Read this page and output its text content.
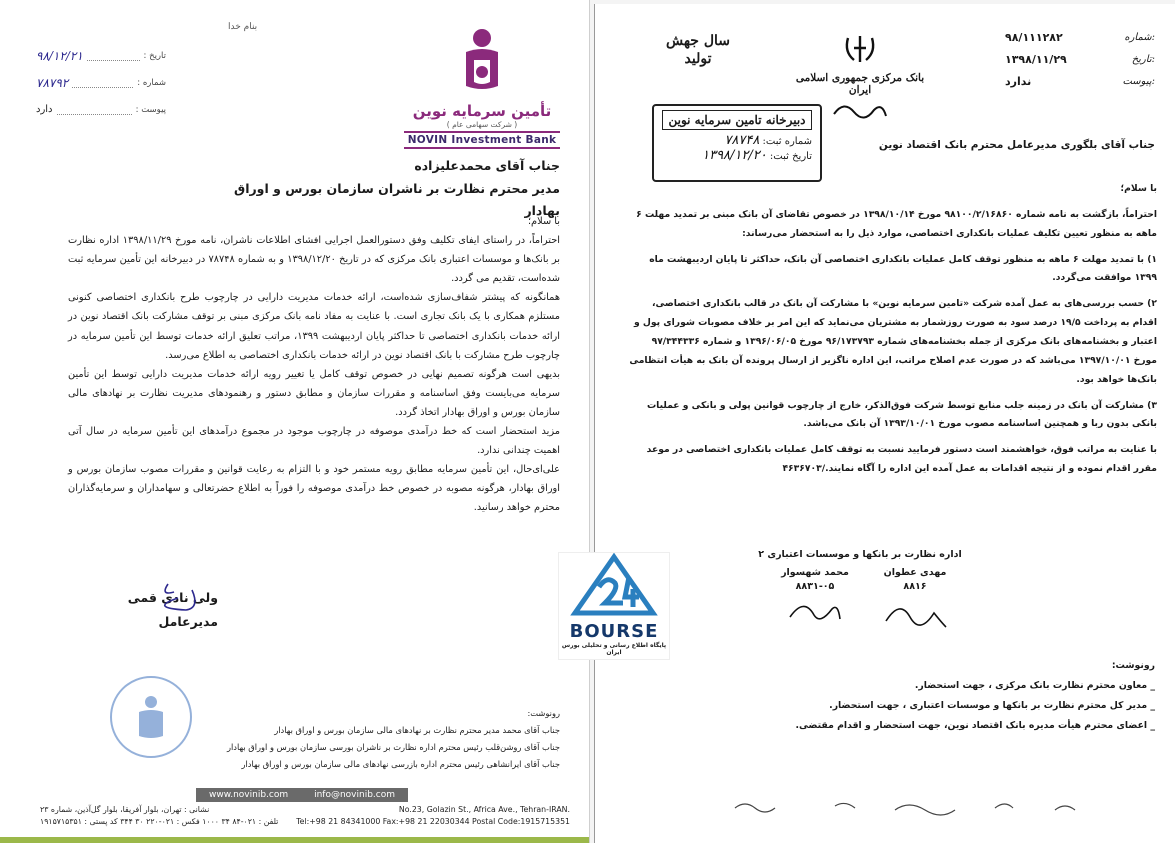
بنام خدا
۹۸/۱۲/۲۱	تاریخ :
۷۸۷۹۲	شماره :
دارد	پیوست :	تأمین سرمایه نوین
( شرکت سهامی عام )
NOVIN Investment Bank
جناب آقای محمدعلیزاده
مدیر محترم نظارت بر ناشران سازمان بورس و اوراق بهادار

با سلام؛

احتراماً، در راستای ایفای تکلیف وفق دستورالعمل اجرایی افشای اطلاعات ناشران، نامه مورخ ۱۳۹۸/۱۱/۲۹ اداره نظارت بر بانک‌ها و موسسات اعتباری بانک مرکزی که در تاریخ ۱۳۹۸/۱۲/۲۰ و به شماره ۷۸۷۴۸ در دبیرخانه این تأمین سرمایه ثبت شده‌است، تقدیم می گردد.

همانگونه که پیشتر شفاف‌سازی شده‌است، ارائه خدمات مدیریت دارایی در چارچوب طرح بانکداری اختصاصی کنونی مستلزم همکاری با یک بانک تجاری است. با عنایت به مفاد نامه بانک مرکزی مبنی بر توقف مشارکت بانک اقتصاد نوین در ارائه خدمات بانکداری اختصاصی تا حداکثر پایان اردیبهشت ۱۳۹۹، مراتب تعلیق ارائه خدمات توسط این تأمین سرمایه در چارچوب طرح مشارکت با بانک اقتصاد نوین در ارائه خدمات بانکداری اختصاصی به اطلاع می‌رسد.

بدیهی است هرگونه تصمیم نهایی در خصوص توقف کامل یا تغییر رویه ارائه خدمات مدیریت دارایی توسط این تأمین سرمایه می‌بایست وفق اساسنامه و مقررات سازمان و مطابق دستور و رهنمودهای مدیریت نظارت بر نهادهای مالی سازمان بورس و اوراق بهادار اتخاذ گردد.

مزید استحضار است که خط درآمدی موصوفه در چارچوب موجود در مجموع درآمدهای این تأمین سرمایه در سال آتی اهمیت چندانی ندارد.

علی‌ای‌حال، این تأمین سرمایه مطابق رویه مستمر خود و با التزام به رعایت قوانین و مقررات مصوب سازمان بورس و اوراق بهادار، هرگونه مصوبه در خصوص خط درآمدی موصوفه را فوراً به اطلاع حضرتعالی و سهامداران و سرمایه‌گذاران محترم خواهد رسانید.

ولی نادی قمی
مدیرعامل
رونوشت:
جناب آقای محمد مدیر محترم نظارت بر نهادهای مالی سازمان بورس و اوراق بهادار
جناب آقای روشن‌قلب رئیس محترم اداره نظارت بر ناشران بورسی سازمان بورس و اوراق بهادار
جناب آقای ایرانشاهی رئیس محترم اداره بازرسی نهادهای مالی سازمان بورس و اوراق بهادار
www.novinib.com	info@novinib.com
نشانی : تهران، بلوار آفریقا، بلوار گل‌آذین، شماره ۲۳	No.23, Golazin St., Africa Ave., Tehran-IRAN.
تلفن : ۰۲۱-۸۴ ۳۴ ۱۰۰۰ فکس : ۰۲۱-۲۲۰ ۳۰ ۳۴۴ کد پستی : ۱۹۱۵۷۱۵۳۵۱ Tel:+98 21 84341000 Fax:+98 21 22030344 Postal Code:1915715351
۹۸/۱۱۱۲۸۲	شماره:
۱۳۹۸/۱۱/۲۹	تاریخ:
ندارد	پیوست:
بانک مرکزی جمهوری اسلامی ایران
سال جهش تولید
دبیرخانه تامین سرمایه نوین
شماره ثبت: ۷۸۷۴۸
تاریخ ثبت: ۱۳۹۸/۱۲/۲۰
جناب آقای بلگوری مدیرعامل محترم بانک اقتصاد نوین

با سلام؛

احتراماً، بازگشت به نامه شماره ۹۸۱۰۰/۲/۱۶۸۶۰ مورخ ۱۳۹۸/۱۰/۱۴ در خصوص تقاضای آن بانک مبنی بر تمدید مهلت ۶ ماهه به منظور تعیین تکلیف عملیات بانکداری اختصاصی، موارد ذیل را به استحضار می‌رساند:

۱) با تمدید مهلت ۶ ماهه به منظور توقف کامل عملیات بانکداری اختصاصی آن بانک، حداکثر تا پایان اردیبهشت ماه ۱۳۹۹ موافقت می‌گردد.

۲) حسب بررسی‌های به عمل آمده شرکت «تامین سرمایه نوین» با مشارکت آن بانک در قالب بانکداری اختصاصی، اقدام به پرداخت ۱۹/۵ درصد سود به صورت روزشمار به مشتریان می‌نماید که این امر بر خلاف مصوبات شورای پول و اعتبار و بخشنامه‌های بانک مرکزی از جمله بخشنامه‌های شماره ۹۶/۱۷۳۷۹۳ مورخ ۱۳۹۶/۰۶/۰۵ و شماره ۹۷/۳۴۴۳۳۶ مورخ ۱۳۹۷/۱۰/۰۱ می‌باشد که در صورت عدم اصلاح مراتب، این اداره ناگزیر از ارسال پرونده آن بانک به هیأت انتظامی بانک‌ها خواهد بود.

۳) مشارکت آن بانک در زمینه جلب منابع توسط شرکت فوق‌الذکر، خارج از چارچوب قوانین پولی و بانکی و عملیات بانکی بدون ربا و همچنین اساسنامه مصوب مورخ ۱۳۹۳/۱۰/۰۱ آن بانک می‌باشد.

با عنایت به مراتب فوق، خواهشمند است دستور فرمایید نسبت به توقف کامل عملیات بانکداری اختصاصی در موعد مقرر اقدام نموده و از نتیجه اقدامات به عمل آمده این اداره را آگاه نمایند./۴۶۳۶۷۰۳

اداره نظارت بر بانکها و موسسات اعتباری ۲
مهدی عطوان
۸۸۱۶
محمد شهسوار
۸۸۳۱-۰۵
رونوشت:
_ معاون محترم نظارت بانک مرکزی ، جهت استحضار.
_ مدیر کل محترم نظارت بر بانکها و موسسات اعتباری ، جهت استحضار.
_ اعضای محترم هیأت مدیره بانک اقتصاد نوین، جهت استحضار و اقدام مقتضی.
BOURSE
پایگاه اطلاع رسانی و تحلیلی بورس ایران
